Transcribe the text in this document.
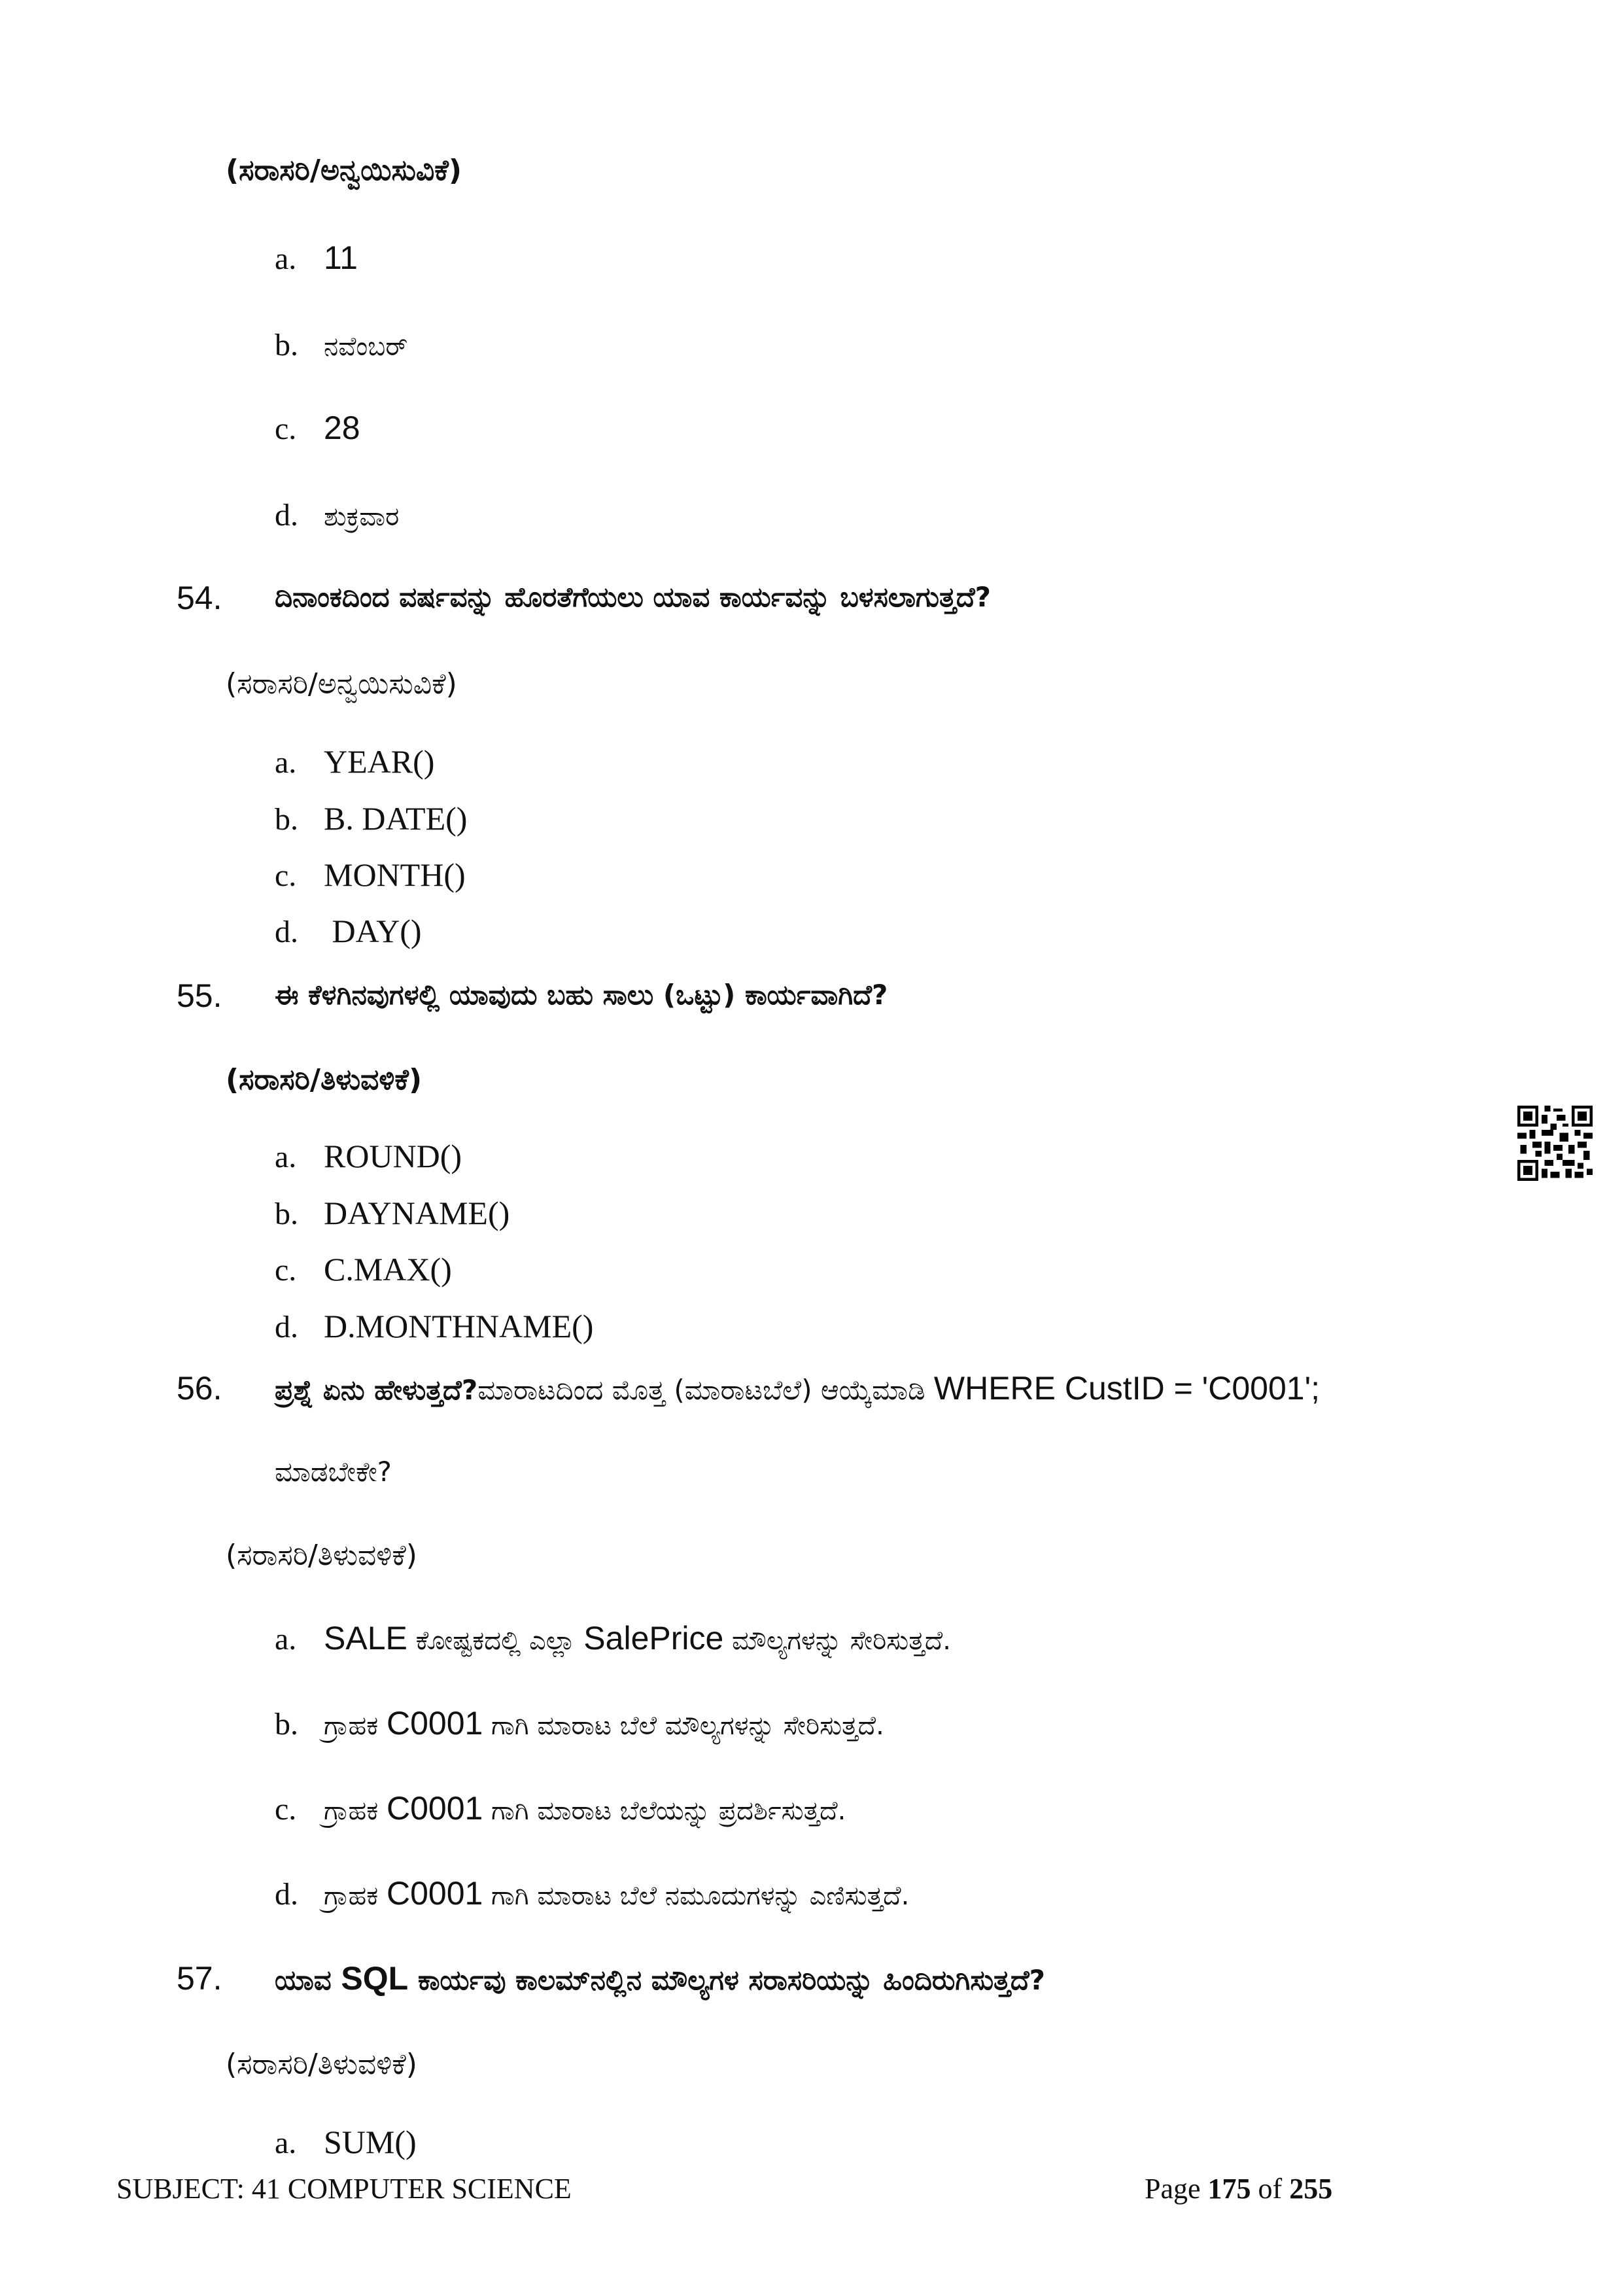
(ಸರಾಸರಿ/ಅನ್ವಯಿಸುವಿಕೆ)
a. 11
b. ನವೆಂಬರ್
c. 28
d. ಶುಕ್ರವಾರ
54. ದಿನಾಂಕದಿಂದ ವರ್ಷವನ್ನು ಹೊರತೆಗೆಯಲು ಯಾವ ಕಾರ್ಯವನ್ನು ಬಳಸಲಾಗುತ್ತದೆ?
(ಸರಾಸರಿ/ಅನ್ವಯಿಸುವಿಕೆ)
a. YEAR()
b. B. DATE()
c. MONTH()
d. DAY()
55. ಈ ಕೆಳಗಿನವುಗಳಲ್ಲಿ ಯಾವುದು ಬಹು ಸಾಲು (ಒಟ್ಟು) ಕಾರ್ಯವಾಗಿದೆ?
(ಸರಾಸರಿ/ತಿಳುವಳಿಕೆ)
a. ROUND()
b. DAYNAME()
c. C.MAX()
d. D.MONTHNAME()
56. ಪ್ರಶ್ನೆ ಏನು ಹೇಳುತ್ತದೆ?ಮಾರಾಟದಿಂದ ಮೊತ್ತ (ಮಾರಾಟಬೆಲೆ) ಆಯ್ಕೆಮಾಡಿ WHERE CustID = 'C0001';
ಮಾಡಬೇಕೇ?
(ಸರಾಸರಿ/ತಿಳುವಳಿಕೆ)
a. SALE ಕೋಷ್ಟಕದಲ್ಲಿ ಎಲ್ಲಾ SalePrice ಮೌಲ್ಯಗಳನ್ನು ಸೇರಿಸುತ್ತದೆ.
b. ಗ್ರಾಹಕ C0001 ಗಾಗಿ ಮಾರಾಟ ಬೆಲೆ ಮೌಲ್ಯಗಳನ್ನು ಸೇರಿಸುತ್ತದೆ.
c. ಗ್ರಾಹಕ C0001 ಗಾಗಿ ಮಾರಾಟ ಬೆಲೆಯನ್ನು ಪ್ರದರ್ಶಿಸುತ್ತದೆ.
d. ಗ್ರಾಹಕ C0001 ಗಾಗಿ ಮಾರಾಟ ಬೆಲೆ ನಮೂದುಗಳನ್ನು ಎಣಿಸುತ್ತದೆ.
57. ಯಾವ SQL ಕಾರ್ಯವು ಕಾಲಮ್‌ನಲ್ಲಿನ ಮೌಲ್ಯಗಳ ಸರಾಸರಿಯನ್ನು ಹಿಂದಿರುಗಿಸುತ್ತದೆ?
(ಸರಾಸರಿ/ತಿಳುವಳಿಕೆ)
a. SUM()
SUBJECT: 41 COMPUTER SCIENCE	Page 175 of 255
